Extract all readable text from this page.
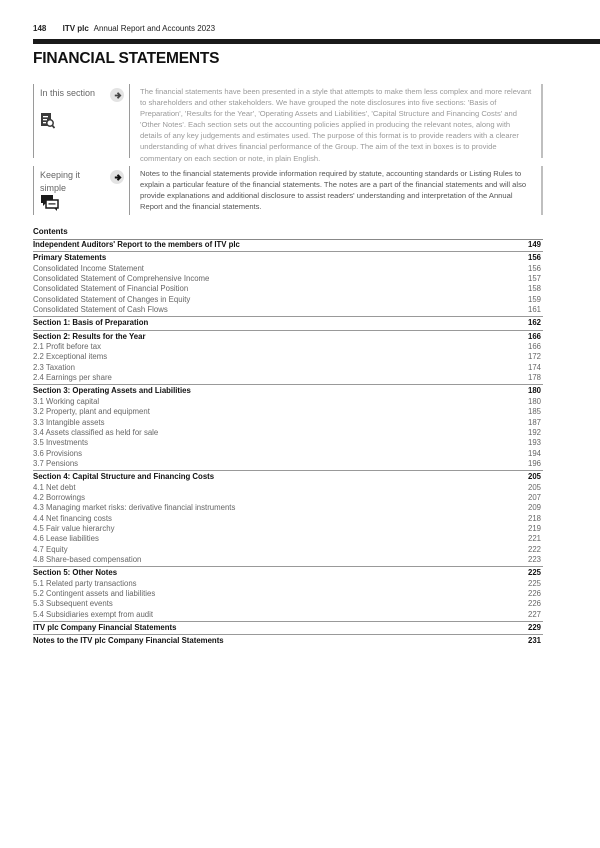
148 ITV plc Annual Report and Accounts 2023
FINANCIAL STATEMENTS
In this section	The financial statements have been presented in a style that attempts to make them less complex and more relevant to shareholders and other stakeholders. We have grouped the note disclosures into five sections: 'Basis of Preparation', 'Results for the Year', 'Operating Assets and Liabilities', 'Capital Structure and Financing Costs' and 'Other Notes'. Each section sets out the accounting policies applied in producing the relevant notes, along with details of any key judgements and estimates used. The purpose of this format is to provide readers with a clearer understanding of what drives financial performance of the Group. The aim of the text in boxes is to provide commentary on each section or note, in plain English.
Keeping it simple
Notes to the financial statements provide information required by statute, accounting standards or Listing Rules to explain a particular feature of the financial statements. The notes are a part of the financial statements and will also provide explanations and additional disclosure to assist readers' understanding and interpretation of the Annual Report and the financial statements.
Contents
Independent Auditors' Report to the members of ITV plc	149
Primary Statements	156
Consolidated Income Statement	156
Consolidated Statement of Comprehensive Income	157
Consolidated Statement of Financial Position	158
Consolidated Statement of Changes in Equity	159
Consolidated Statement of Cash Flows	161
Section 1: Basis of Preparation	162
Section 2: Results for the Year	166
2.1 Profit before tax	166
2.2 Exceptional items	172
2.3 Taxation	174
2.4 Earnings per share	178
Section 3: Operating Assets and Liabilities	180
3.1 Working capital	180
3.2 Property, plant and equipment	185
3.3 Intangible assets	187
3.4 Assets classified as held for sale	192
3.5 Investments	193
3.6 Provisions	194
3.7 Pensions	196
Section 4: Capital Structure and Financing Costs	205
4.1 Net debt	205
4.2 Borrowings	207
4.3 Managing market risks: derivative financial instruments	209
4.4 Net financing costs	218
4.5 Fair value hierarchy	219
4.6 Lease liabilities	221
4.7 Equity	222
4.8 Share-based compensation	223
Section 5: Other Notes	225
5.1 Related party transactions	225
5.2 Contingent assets and liabilities	226
5.3 Subsequent events	226
5.4 Subsidiaries exempt from audit	227
ITV plc Company Financial Statements	229
Notes to the ITV plc Company Financial Statements	231
